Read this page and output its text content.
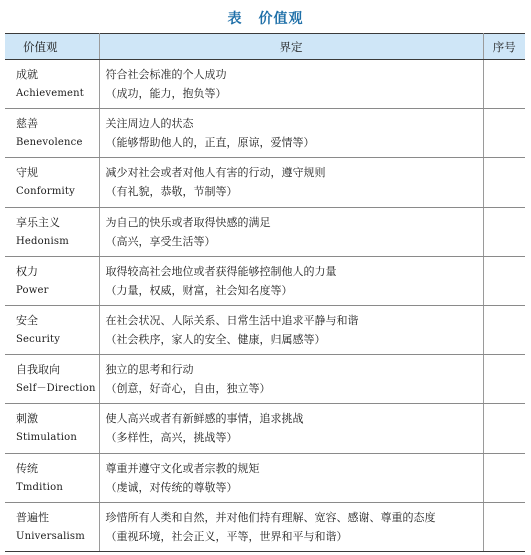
表 价值观
价值观	界定	序号

成就
Achievement	符合社会标准的个人成功
（成功，能力，抱负等）	

慈善
Benevolence	关注周边人的状态
（能够帮助他人的，正直，原谅，爱情等）	

守规
Conformity	减少对社会或者对他人有害的行动，遵守规则
（有礼貌，恭敬，节制等）	

享乐主义
Hedonism	为自己的快乐或者取得快感的满足
（高兴，享受生活等）	

权力
Power	取得较高社会地位或者获得能够控制他人的力量
（力量，权威，财富，社会知名度等）	

安全
Security	在社会状况、人际关系、日常生活中追求平静与和谐
（社会秩序，家人的安全、健康，归属感等）	

自我取向
Self－Direction	独立的思考和行动
（创意，好奇心，自由，独立等）	

刺激
Stimulation	使人高兴或者有新鲜感的事情，追求挑战
（多样性，高兴，挑战等）	

传统
Tmdition	尊重并遵守文化或者宗教的规矩
（虔诚，对传统的尊敬等）	

普遍性
Universalism	珍惜所有人类和自然，并对他们持有理解、宽容、感谢、尊重的态度
（重视环境，社会正义，平等，世界和平与和谐）	
